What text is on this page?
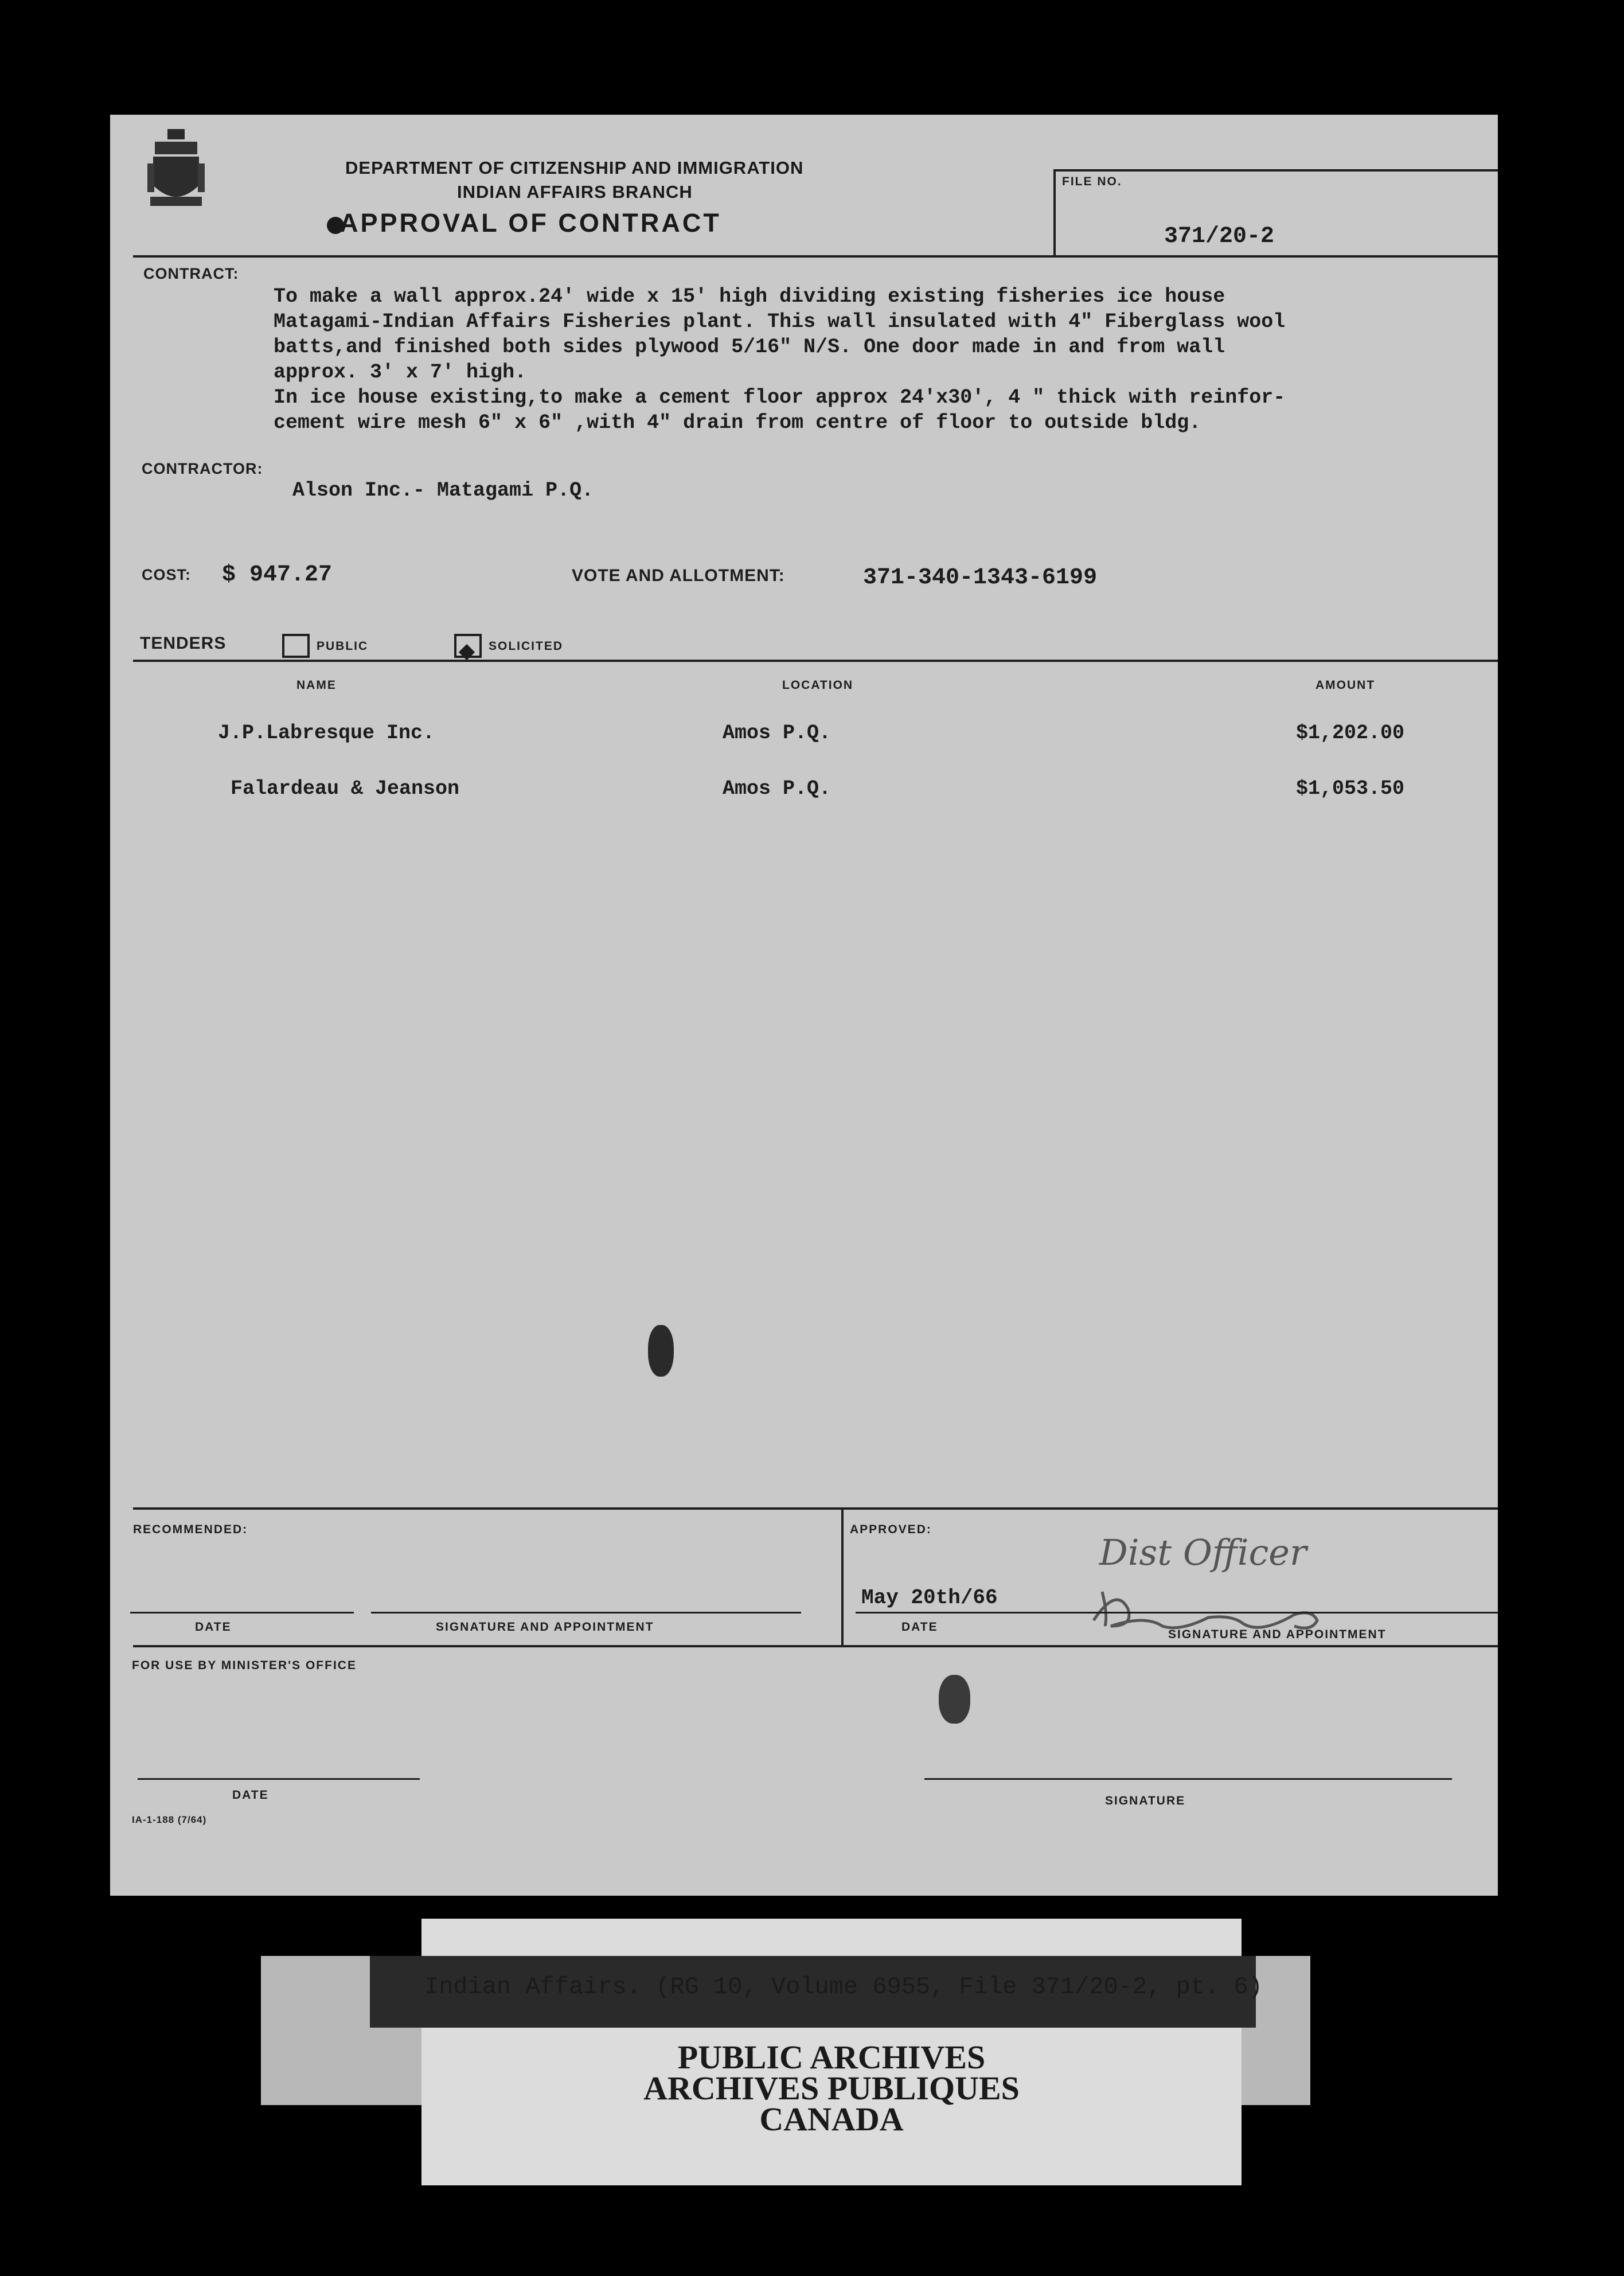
DEPARTMENT OF CITIZENSHIP AND IMMIGRATION
INDIAN AFFAIRS BRANCH
APPROVAL OF CONTRACT
FILE NO.
371/20-2
CONTRACT:
To make a wall approx.24' wide x 15' high dividing existing fisheries ice house
Matagami-Indian Affairs Fisheries plant. This wall insulated with 4" Fiberglass wool
batts,and finished both sides plywood 5/16" N/S. One door made in and from wall
approx. 3' x 7' high.
In ice house existing,to make a cement floor approx 24'x30', 4 " thick with reinfor-
cement wire mesh 6" x 6" ,with 4" drain from centre of floor to outside bldg.
CONTRACTOR:
Alson Inc.- Matagami P.Q.
COST: $ 947.27	VOTE AND ALLOTMENT:	371-340-1343-6199
TENDERS	PUBLIC	SOLICITED
NAME	LOCATION	AMOUNT
J.P.Labresque Inc.	Amos P.Q.	$1,202.00
Falardeau & Jeanson	Amos P.Q.	$1,053.50
RECOMMENDED:	APPROVED:
DATE	SIGNATURE AND APPOINTMENT
May 20th/66
Dist Officer
DATE
SIGNATURE AND APPOINTMENT
FOR USE BY MINISTER'S OFFICE
DATE	SIGNATURE
IA-1-188 (7/64)
Indian Affairs. (RG 10, Volume 6955, File 371/20-2, pt. 6)
PUBLIC ARCHIVES
ARCHIVES PUBLIQUES
CANADA
